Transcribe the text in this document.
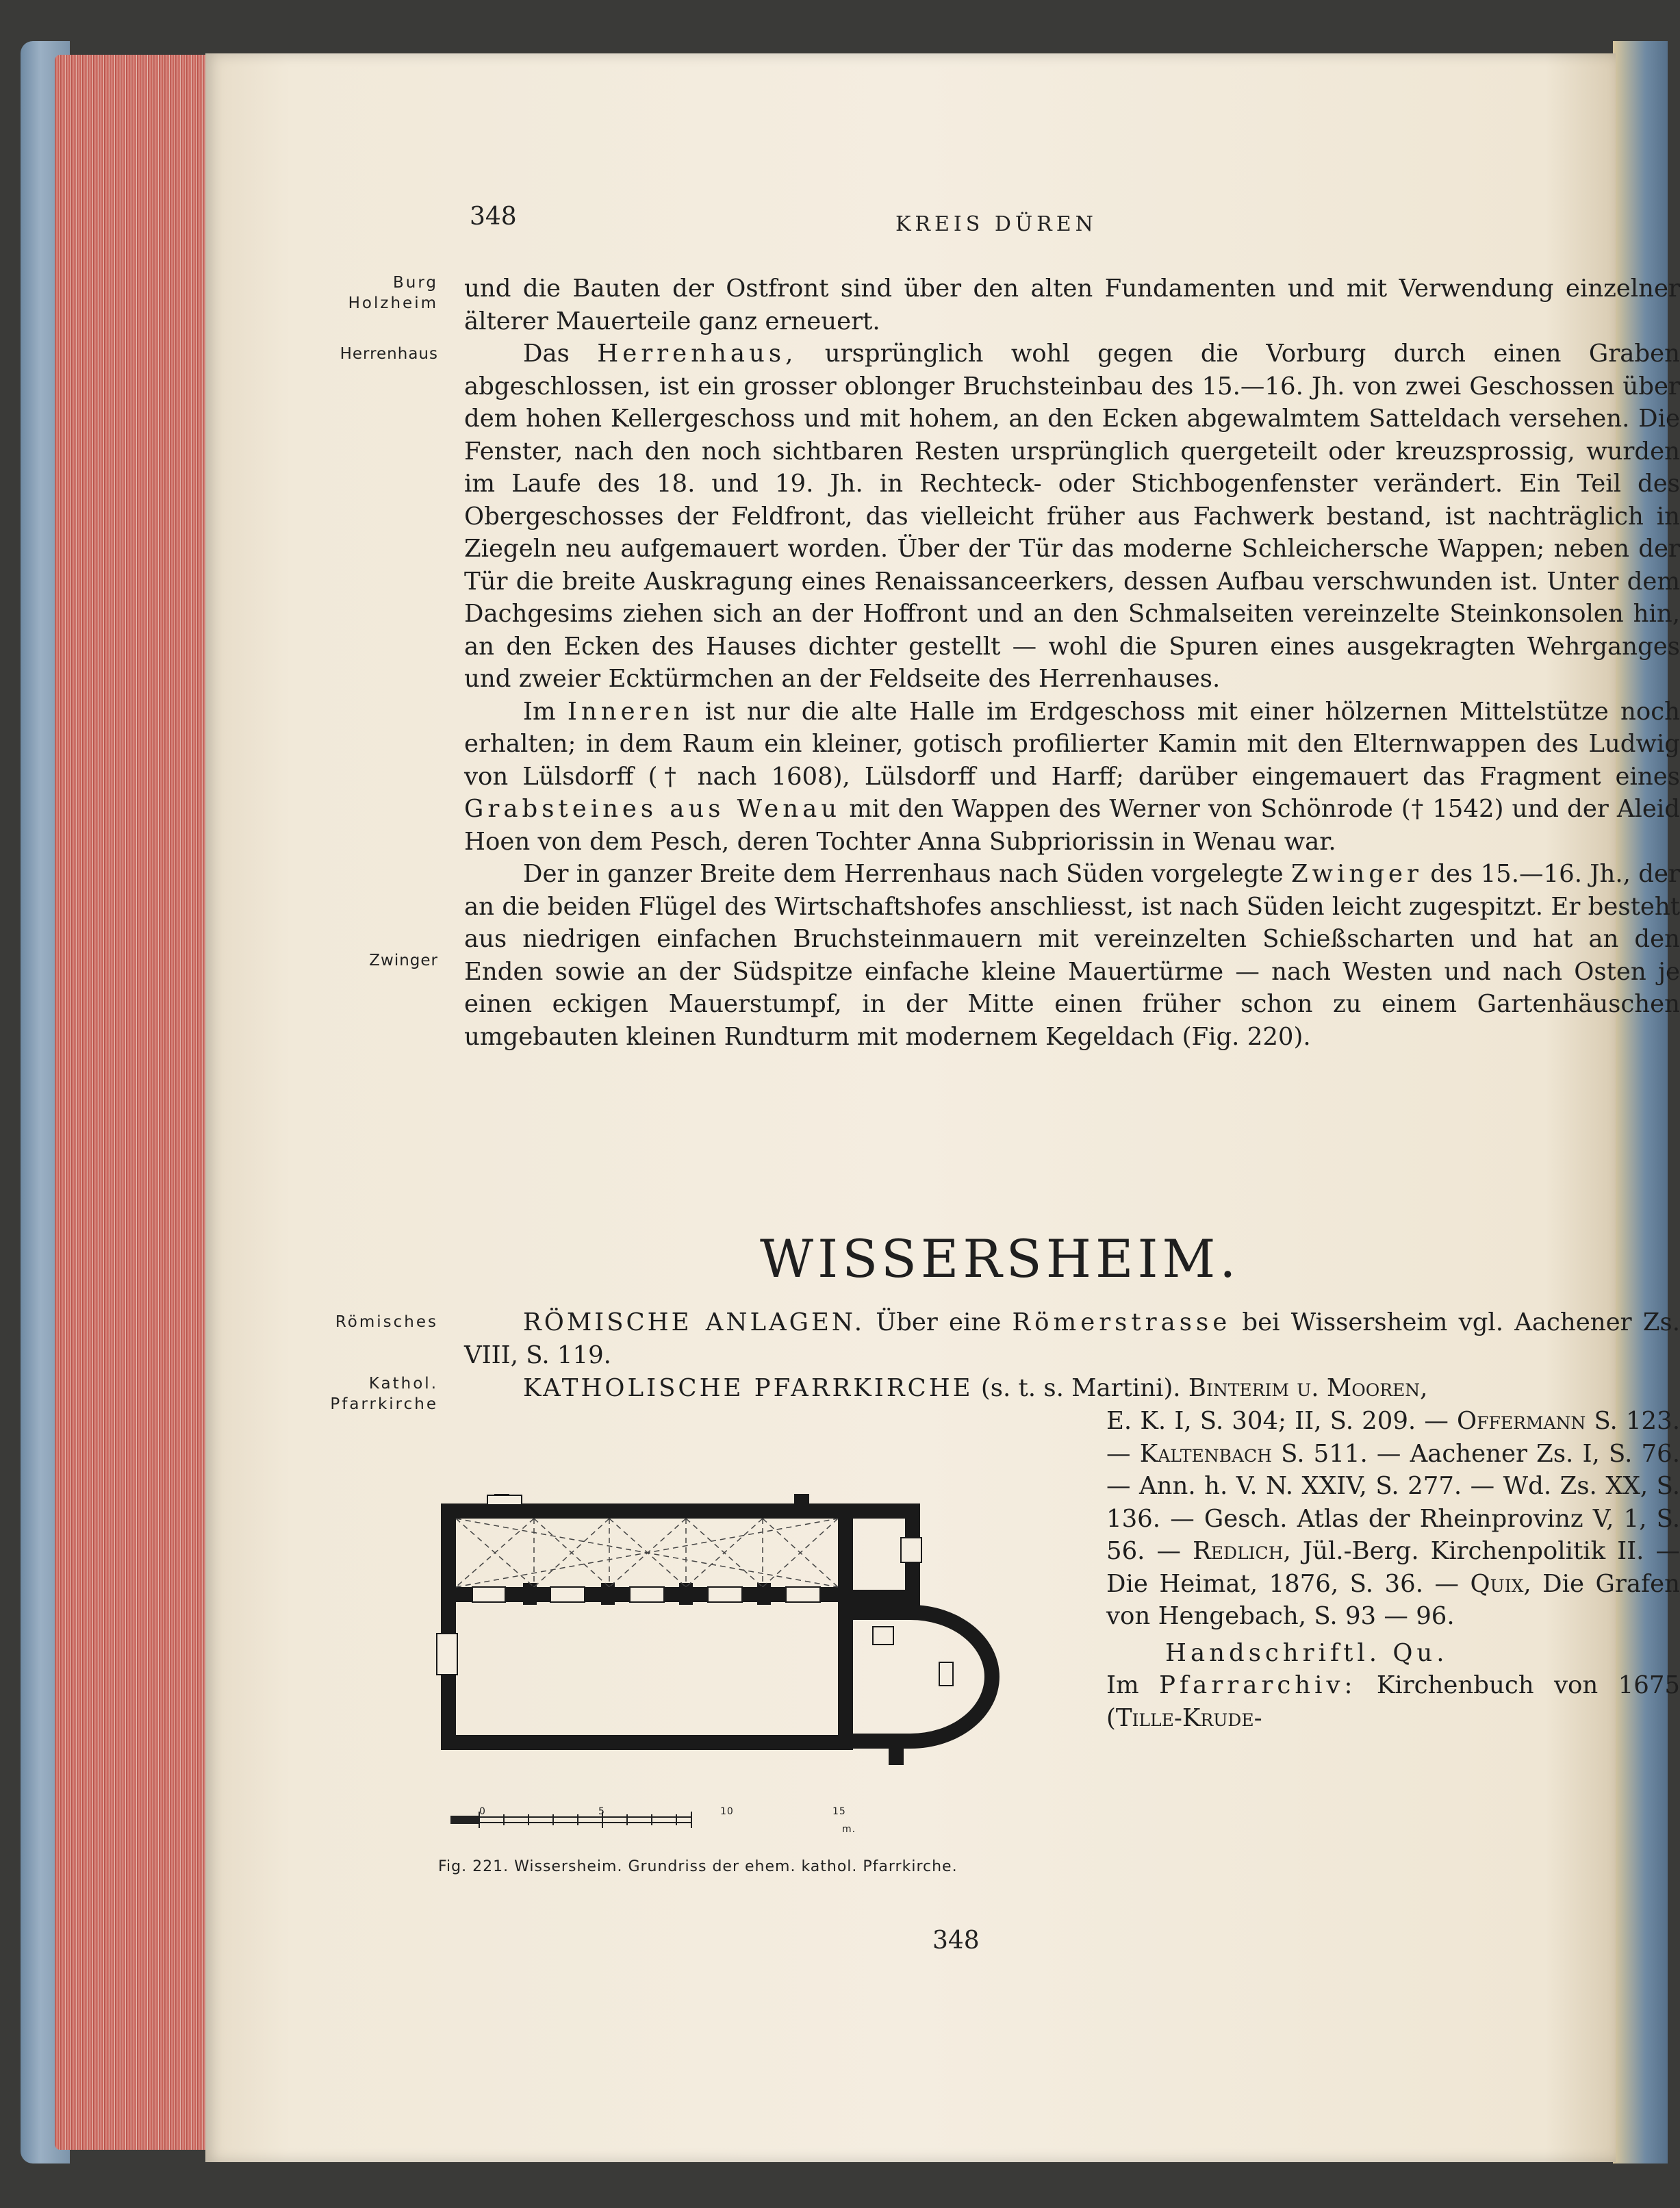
348	KREIS DÜREN
Burg
Holzheim
Herrenhaus
Zwinger
Römisches
Kathol.
Pfarrkirche

und die Bauten der Ostfront sind über den alten Fundamenten und mit Verwendung einzelner älterer Mauerteile ganz erneuert.

Das Herrenhaus, ursprünglich wohl gegen die Vorburg durch einen Graben abgeschlossen, ist ein grosser oblonger Bruchsteinbau des 15.—16. Jh. von zwei Geschossen über dem hohen Kellergeschoss und mit hohem, an den Ecken abgewalmtem Satteldach versehen. Die Fenster, nach den noch sichtbaren Resten ursprünglich quergeteilt oder kreuzsprossig, wurden im Laufe des 18. und 19. Jh. in Rechteck- oder Stichbogenfenster verändert. Ein Teil des Obergeschosses der Feldfront, das vielleicht früher aus Fachwerk bestand, ist nachträglich in Ziegeln neu aufgemauert worden. Über der Tür das moderne Schleichersche Wappen; neben der Tür die breite Auskragung eines Renaissanceerkers, dessen Aufbau verschwunden ist. Unter dem Dachgesims ziehen sich an der Hoffront und an den Schmalseiten vereinzelte Steinkonsolen hin, an den Ecken des Hauses dichter gestellt — wohl die Spuren eines ausgekragten Wehrganges und zweier Ecktürmchen an der Feldseite des Herrenhauses.

Im Inneren ist nur die alte Halle im Erdgeschoss mit einer hölzernen Mittelstütze noch erhalten; in dem Raum ein kleiner, gotisch profilierter Kamin mit den Elternwappen des Ludwig von Lülsdorff († nach 1608), Lülsdorff und Harff; darüber eingemauert das Fragment eines Grabsteines aus Wenau mit den Wappen des Werner von Schönrode († 1542) und der Aleid Hoen von dem Pesch, deren Tochter Anna Subpriorissin in Wenau war.

Der in ganzer Breite dem Herrenhaus nach Süden vorgelegte Zwinger des 15.—16. Jh., der an die beiden Flügel des Wirtschaftshofes anschliesst, ist nach Süden leicht zugespitzt. Er besteht aus niedrigen einfachen Bruchsteinmauern mit vereinzelten Schießscharten und hat an den Enden sowie an der Südspitze einfache kleine Mauertürme — nach Westen und nach Osten je einen eckigen Mauerstumpf, in der Mitte einen früher schon zu einem Gartenhäuschen umgebauten kleinen Rundturm mit modernem Kegeldach (Fig. 220).

WISSERSHEIM.
RÖMISCHE ANLAGEN. Über eine Römerstrasse bei Wissersheim vgl. Aachener Zs. VIII, S. 119.
KATHOLISCHE PFARRKIRCHE (s. t. s. Martini). Binterim u. Mooren,

E. K. I, S. 304; II, S. 209. — Offermann S. 123. — Kaltenbach S. 511. — Aachener Zs. I, S. 76. — Ann. h. V. N. XXIV, S. 277. — Wd. Zs. XX, S. 136. — Gesch. Atlas der Rheinprovinz V, 1, S. 56. — Redlich, Jül.-Berg. Kirchenpolitik II. — Die Heimat, 1876, S. 36. — Quix, Die Grafen von Hengebach, S. 93 — 96.

Handschriftl. Qu.

Im Pfarrarchiv: Kirchenbuch von 1675 (Tille-Krude-

0	5	10	15
m.
Fig. 221. Wissersheim. Grundriss der ehem. kathol. Pfarrkirche.
348
